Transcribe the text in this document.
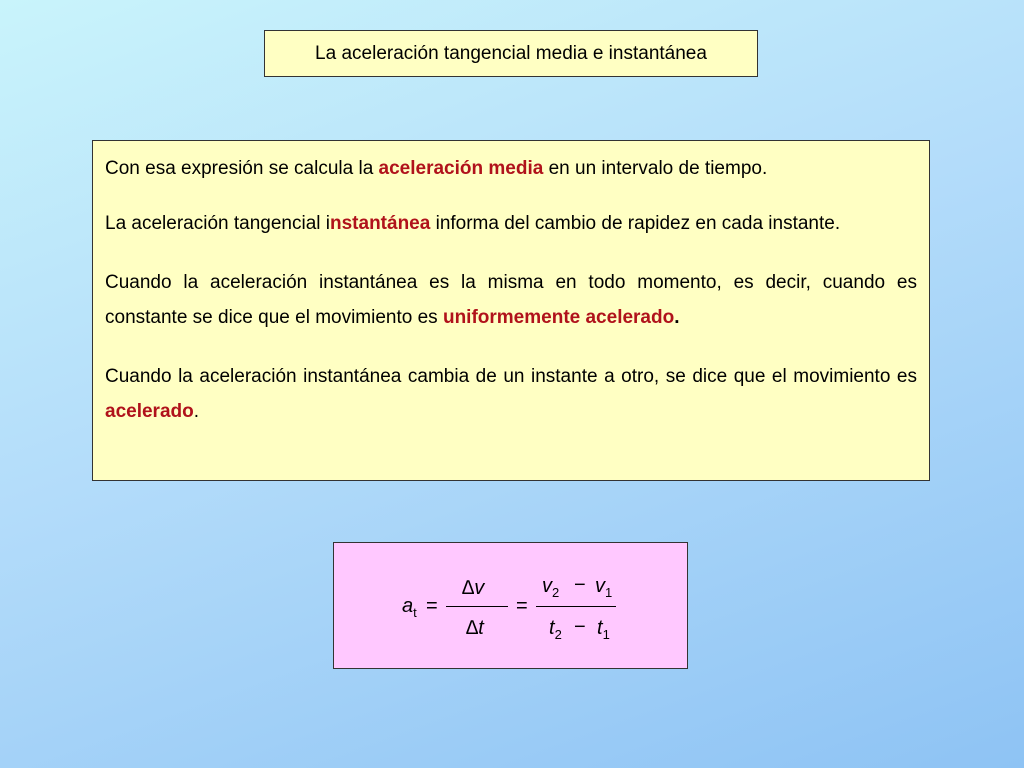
La aceleración tangencial media e instantánea

Con esa expresión se calcula la aceleración media en un intervalo de tiempo.

La aceleración tangencial instantánea informa del cambio de rapidez en cada instante.

Cuando la aceleración instantánea es la misma en todo momento, es decir, cuando es constante se dice que el movimiento es uniformemente acelerado.

Cuando la aceleración instantánea cambia de un instante a otro, se dice que el movimiento es acelerado.

$a_t$ =
∆v
∆t
=
$v_2 - v_1$
$t_2 - t_1$
